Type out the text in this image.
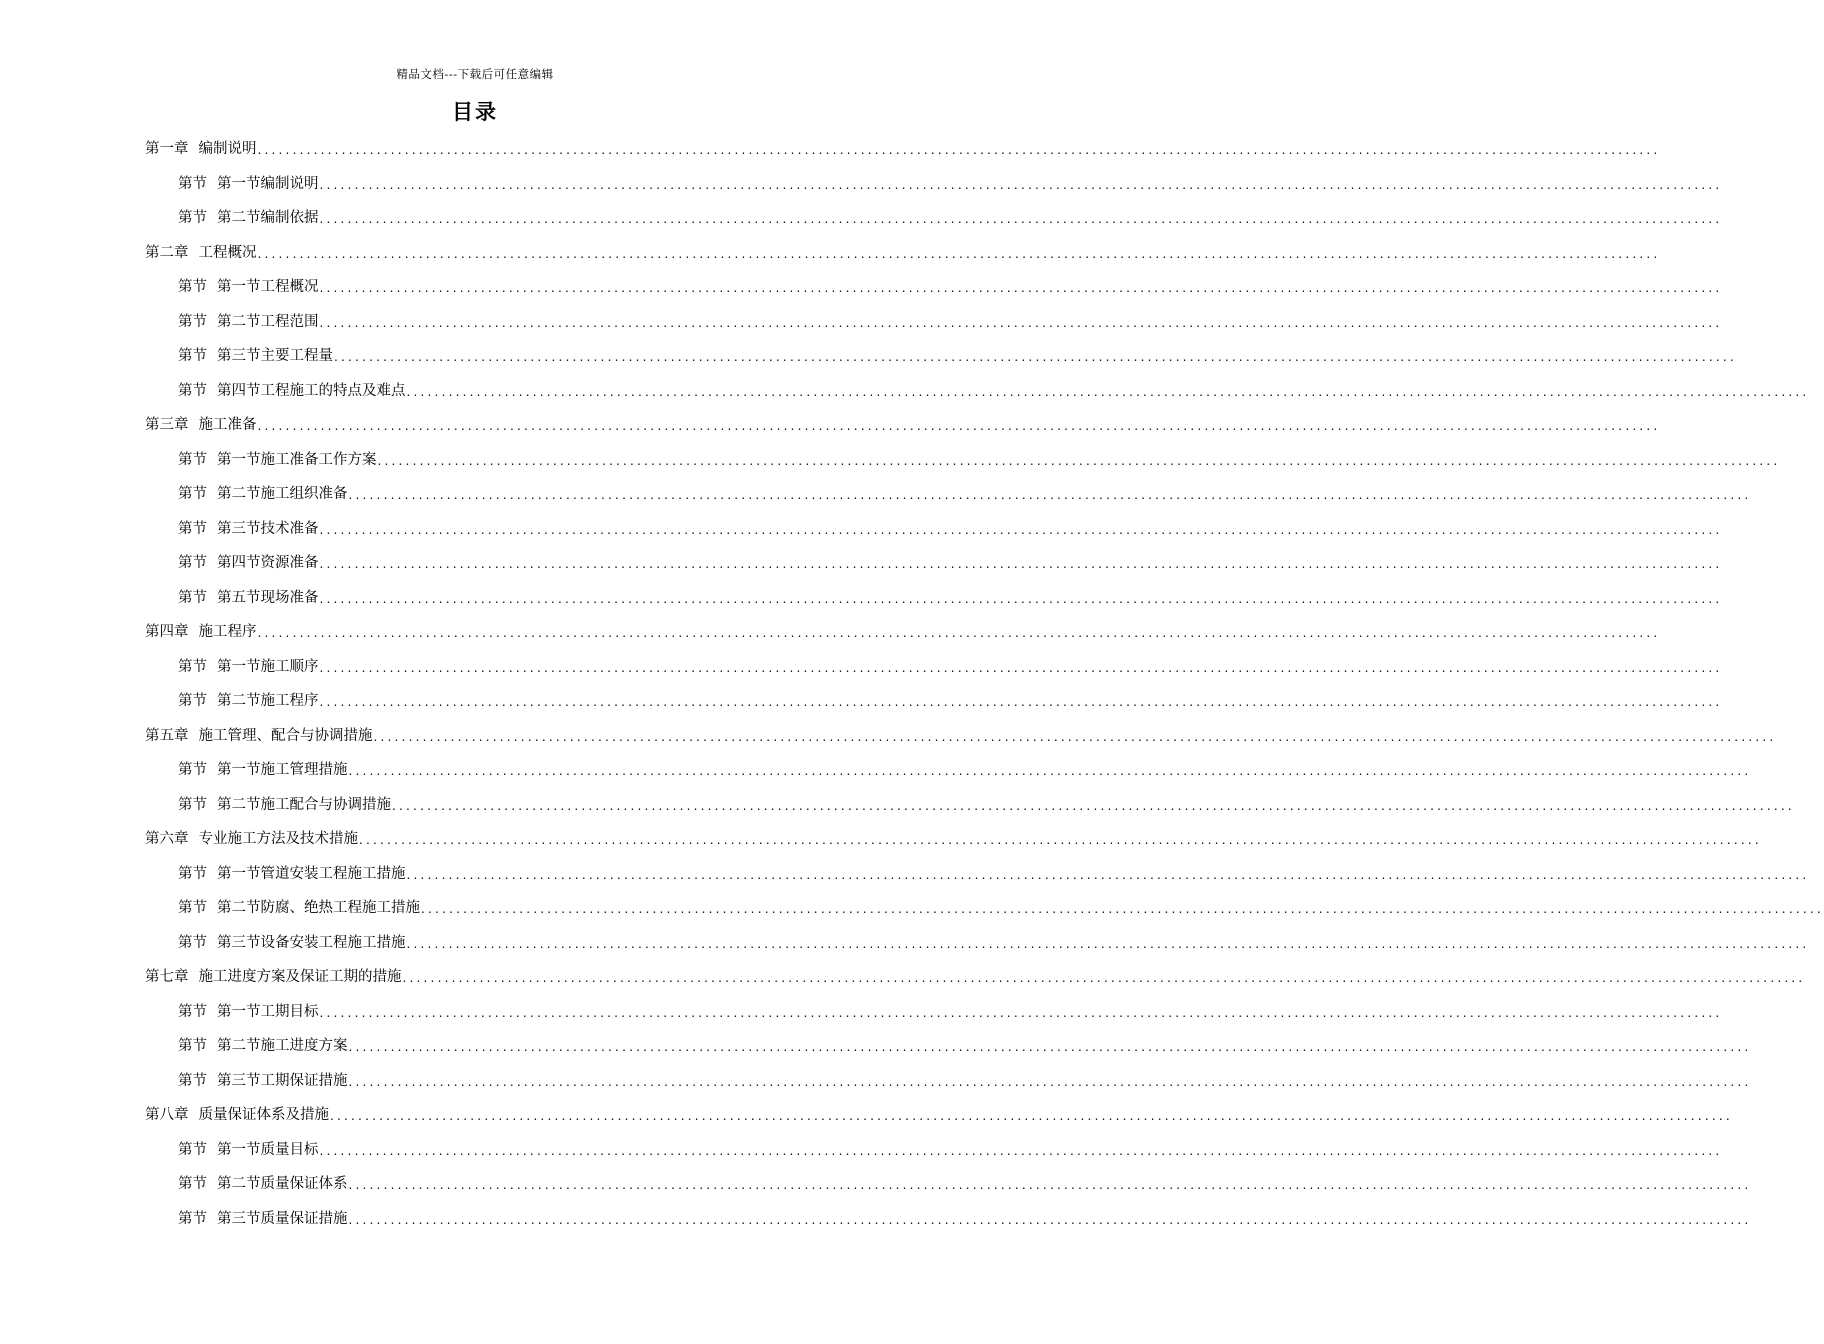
精品文档---下载后可任意编辑
目录
第一章 编制说明 ........................................................................................................................................................................................................
第节 第一节编制说明 ........................................................................................................................................................................................................
第节 第二节编制依据 ........................................................................................................................................................................................................
第二章 工程概况 ........................................................................................................................................................................................................
第节 第一节工程概况 ........................................................................................................................................................................................................
第节 第二节工程范围 ........................................................................................................................................................................................................
第节 第三节主要工程量 ........................................................................................................................................................................................................
第节 第四节工程施工的特点及难点 ........................................................................................................................................................................................................
第三章 施工准备 ........................................................................................................................................................................................................
第节 第一节施工准备工作方案 ........................................................................................................................................................................................................
第节 第二节施工组织准备 ........................................................................................................................................................................................................
第节 第三节技术准备 ........................................................................................................................................................................................................
第节 第四节资源准备 ........................................................................................................................................................................................................
第节 第五节现场准备 ........................................................................................................................................................................................................
第四章 施工程序 ........................................................................................................................................................................................................
第节 第一节施工顺序 ........................................................................................................................................................................................................
第节 第二节施工程序 ........................................................................................................................................................................................................
第五章 施工管理、配合与协调措施 ........................................................................................................................................................................................................
第节 第一节施工管理措施 ........................................................................................................................................................................................................
第节 第二节施工配合与协调措施 ........................................................................................................................................................................................................
第六章 专业施工方法及技术措施 ........................................................................................................................................................................................................
第节 第一节管道安装工程施工措施 ........................................................................................................................................................................................................
第节 第二节防腐、绝热工程施工措施 ........................................................................................................................................................................................................
第节 第三节设备安装工程施工措施 ........................................................................................................................................................................................................
第七章 施工进度方案及保证工期的措施 ........................................................................................................................................................................................................
第节 第一节工期目标 ........................................................................................................................................................................................................
第节 第二节施工进度方案 ........................................................................................................................................................................................................
第节 第三节工期保证措施 ........................................................................................................................................................................................................
第八章 质量保证体系及措施 ........................................................................................................................................................................................................
第节 第一节质量目标 ........................................................................................................................................................................................................
第节 第二节质量保证体系 ........................................................................................................................................................................................................
第节 第三节质量保证措施 ........................................................................................................................................................................................................
